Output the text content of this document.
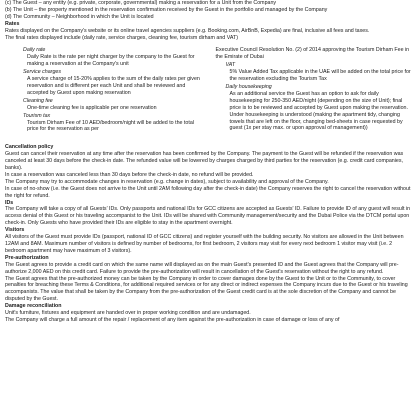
(c) The Guest – any entity (e.g. private, corporate, governmental) making a reservation for a Unit from the Company

(b) The Unit – the property mentioned in the reservation confirmation received by the Guest in the portfolio and managed by the Company

(d) The Community – Neighborhood in which the Unit is located

Rates

Rates displayed on the Company's website or its online travel agencies suppliers (e.g. Booking.com, AirBnB, Expedia) are final, inclusive all fees and taxes.

The final rates displayed include (daily rate, service charges, cleaning fee, tourism dirham and VAT)

Daily rate

Daily Rate is the rate per night charger by the company to the Guest for making a reservation at the Company's unit

Service charges

A service charge of 15-20% applies to the sum of the daily rates per given reservation and is different per each Unit and shall be reviewed and accepted by Guest upon making reservation

Cleaning fee

One-time cleaning fee is applicable per one reservation

Tourism tax

Tourism Dirham Fee of 10 AED/bedroom/night will be added to the total price for the reservation as per

Executive Council Resolution No. (2) of 2014 approving the Tourism Dirham Fee in the Emirate of Dubai

VAT

5% Value Added Tax applicable in the UAE will be added on the total price for the reservation excluding the Tourism Tax

Daily housekeeping

As an additional service the Guest has an option to ask for daily housekeeping for 250-350 AED/night (depending on the size of Unit); final price is to be reviewed and accepted by Guest upon making the reservation. Under housekeeping is understood (making the apartment tidy, changing towels that are left on the floor, changing bed-sheets in case requested by guest (1x per stay max. or upon approval of management))

Cancellation policy

Guest can cancel their reservation at any time after the reservation has been confirmed by the Company. The payment to the Guest will be refunded if the reservation was canceled at least 30 days before the check-in date. The refunded value will be lowered by charges charged by third parties for the reservation (e.g. credit card companies, banks).

In case a reservation was canceled less than 30 days before the check-in date, no refund will be provided.

The Company may try to accommodate changes in reservation (e.g. change in dates), subject to availability and approval of the Company.

In case of no-show (i.e. the Guest does not arrive to the Unit until 2AM following day after the check-in date) the Company reserves the right to cancel the reservation without the right for refund.

IDs

The Company will take a copy of all Guests' IDs. Only passports and national IDs for GCC citizens are accepted as Guests' ID. Failure to provide ID of any guest will result in access denial of this Guest or his traveling accompanist to the Unit. IDs will be shared with Community management/security and the Dubai Police via the DTCM portal upon check-in. Only Guests who have provided their IDs are eligible to stay in the apartment overnight.

Visitors

All visitors of the Guest must provide IDs (passport, national ID of GCC citizens) and register yourself with the building security. No visitors are allowed in the Unit between 12AM and 8AM. Maximum number of visitors is defined by number of bedrooms, for first bedroom, 2 visitors may visit for every next bedroom 1 visitor may visit (i.e. 2 bedroom apartment may have maximum of 3 visitors).

Pre-authorization

The Guest agrees to provide a credit card on which the same name will displayed as on the main Guest's presented ID and the Guest agrees that the Company will pre-authorize 2,000 AED on this credit card. Failure to provide the pre-authorization will result in cancellation of the Guest's reservation without the right to any refund.

The Guest agrees that the pre-authorized money can be taken by the Company in order to cover damages done by the Guest to the Unit or to the Community, to cover penalties for breaching these Terms & Conditions, for additional required services or for any direct or indirect expenses the Company incurs due to the Guest or his traveling accompanists. The value that shall be taken by the Company from the pre-authorization of the Guest credit card is at the sole discretion of the Company and cannot be disputed by the Guest.

Damage reconciliation

Unit's furniture, fixtures and equipment are handed over in proper working condition and are undamaged.

The Company will charge a full amount of the repair / replacement of any item against the pre-authorization in case of damage or loss of any of
